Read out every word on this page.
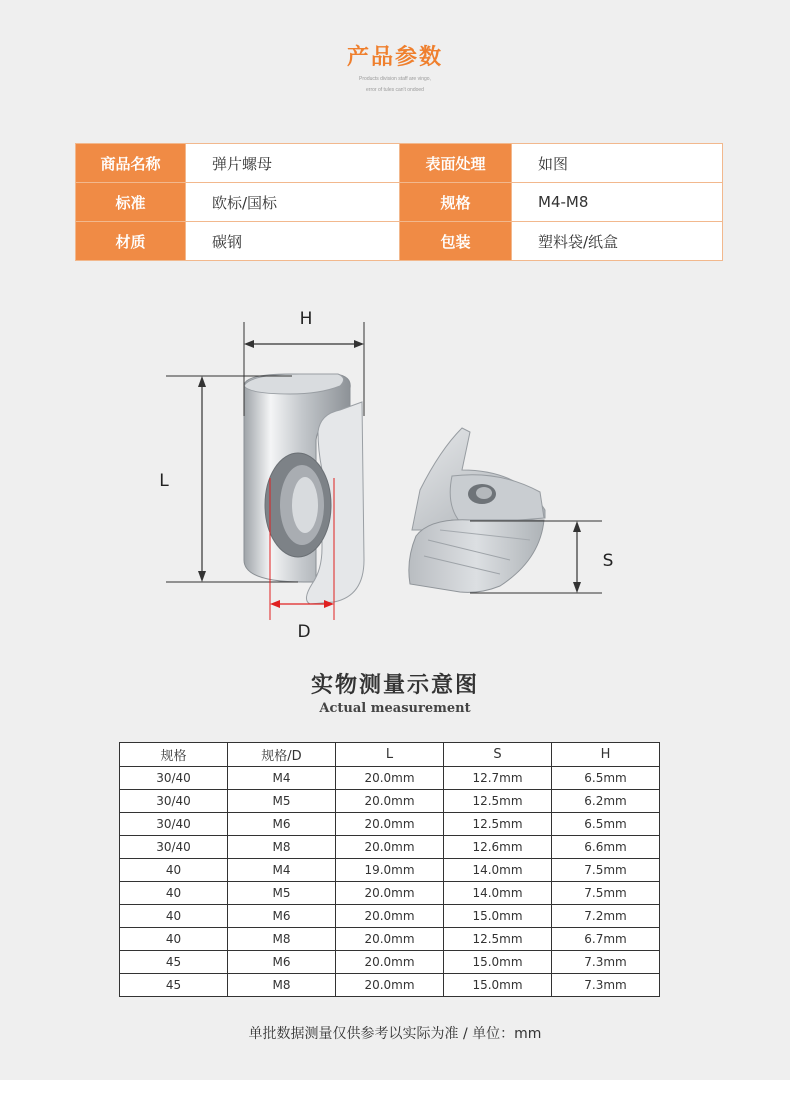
产品参数
Products division staff are vingo,
error of tules can't ondoed
商品名称	弹片螺母	表面处理	如图
标准	欧标/国标	规格	M4-M8
材质	碳钢	包装	塑料袋/纸盒
H
L
D
S
实物测量示意图
Actual measurement
规格	规格/D	L	S	H
30/40	M4	20.0mm	12.7mm	6.5mm
30/40	M5	20.0mm	12.5mm	6.2mm
30/40	M6	20.0mm	12.5mm	6.5mm
30/40	M8	20.0mm	12.6mm	6.6mm
40	M4	19.0mm	14.0mm	7.5mm
40	M5	20.0mm	14.0mm	7.5mm
40	M6	20.0mm	15.0mm	7.2mm
40	M8	20.0mm	12.5mm	6.7mm
45	M6	20.0mm	15.0mm	7.3mm
45	M8	20.0mm	15.0mm	7.3mm
单批数据测量仅供参考以实际为准 / 单位：mm
